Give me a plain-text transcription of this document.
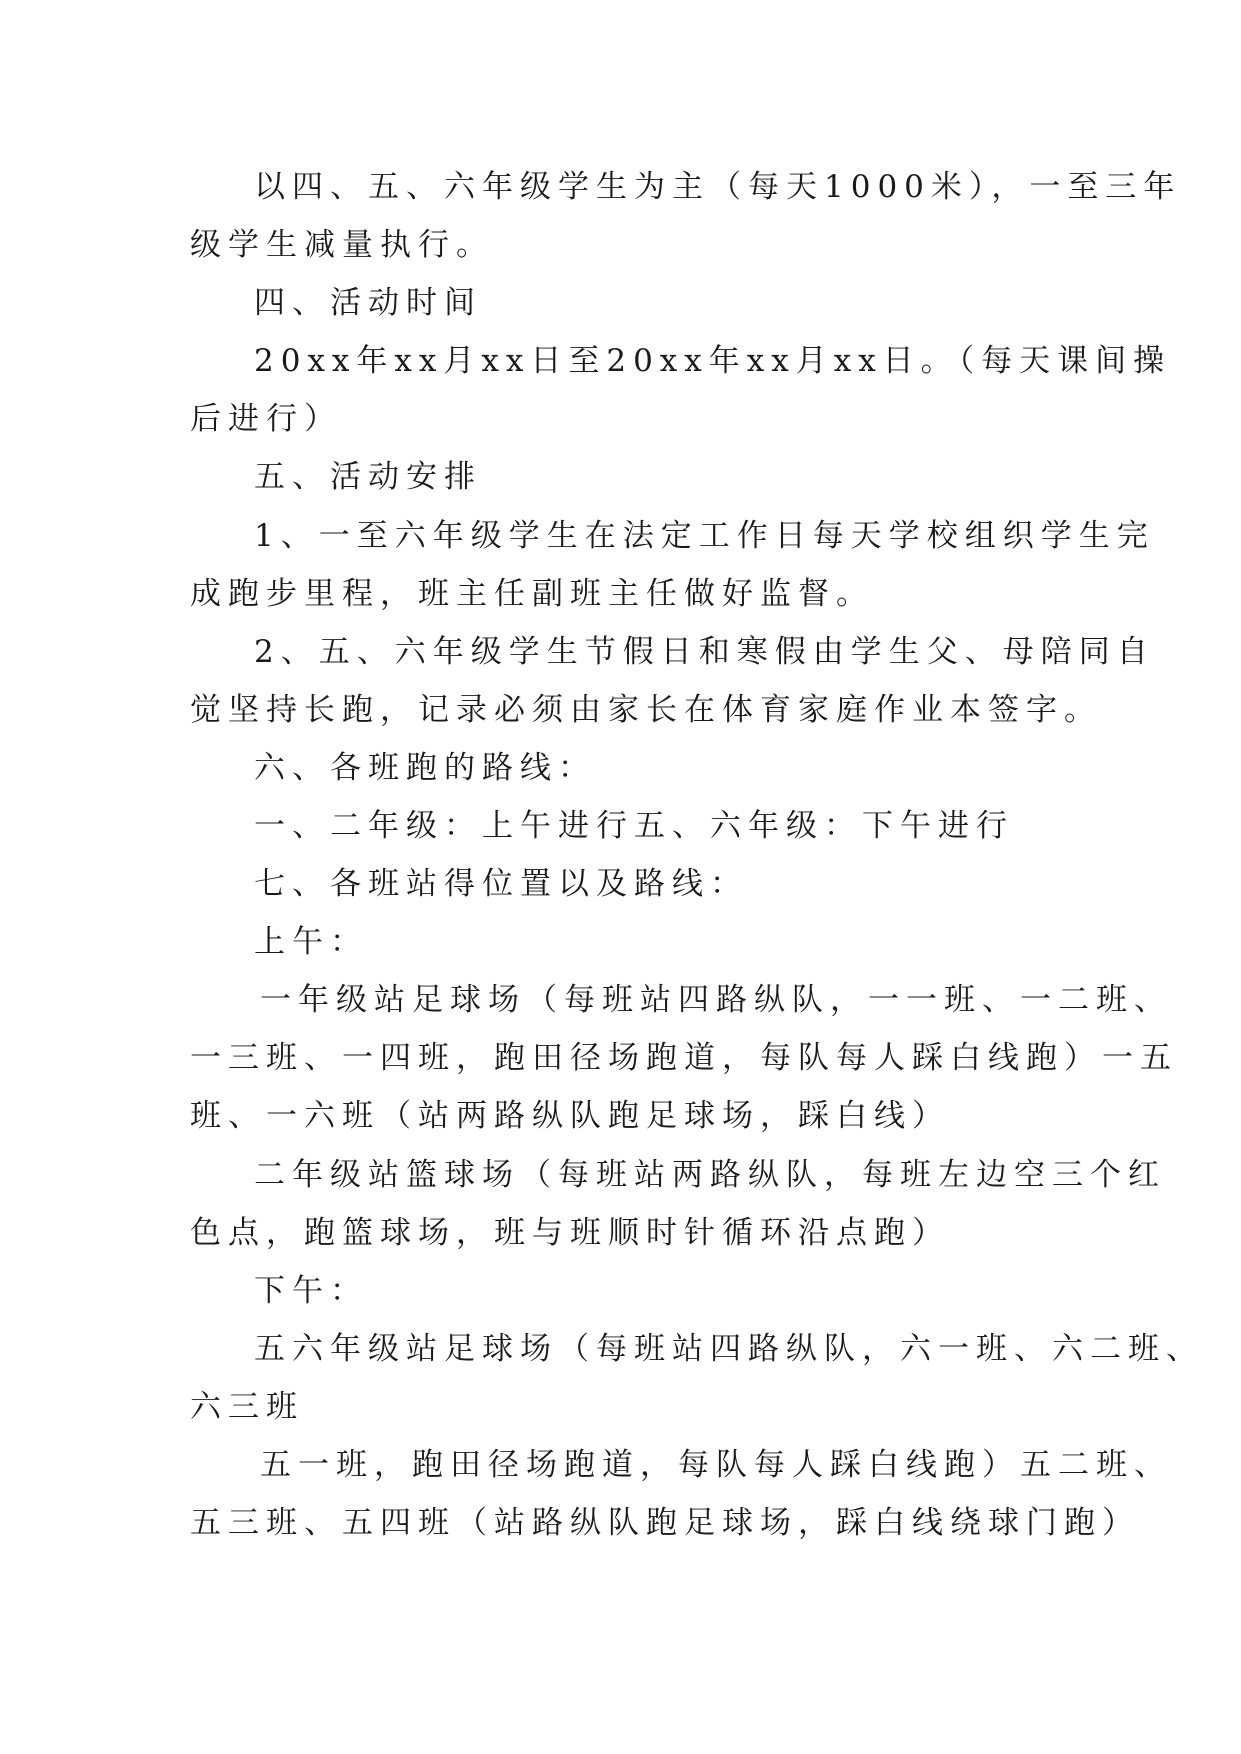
以四、五、六年级学生为主（每天1000米），一至三年
级学生减量执行。
四、活动时间
20xx年xx月xx日至20xx年xx月xx日。（每天课间操
后进行）
五、活动安排
1、一至六年级学生在法定工作日每天学校组织学生完
成跑步里程，班主任副班主任做好监督。
2、五、六年级学生节假日和寒假由学生父、母陪同自
觉坚持长跑，记录必须由家长在体育家庭作业本签字。
六、各班跑的路线：
一、二年级：上午进行五、六年级：下午进行
七、各班站得位置以及路线：
上午：
一年级站足球场（每班站四路纵队，一一班、一二班、
一三班、一四班，跑田径场跑道，每队每人踩白线跑）一五
班、一六班（站两路纵队跑足球场，踩白线）
二年级站篮球场（每班站两路纵队，每班左边空三个红
色点，跑篮球场，班与班顺时针循环沿点跑）
下午：
五六年级站足球场（每班站四路纵队，六一班、六二班、
六三班
五一班，跑田径场跑道，每队每人踩白线跑）五二班、
五三班、五四班（站路纵队跑足球场，踩白线绕球门跑）
